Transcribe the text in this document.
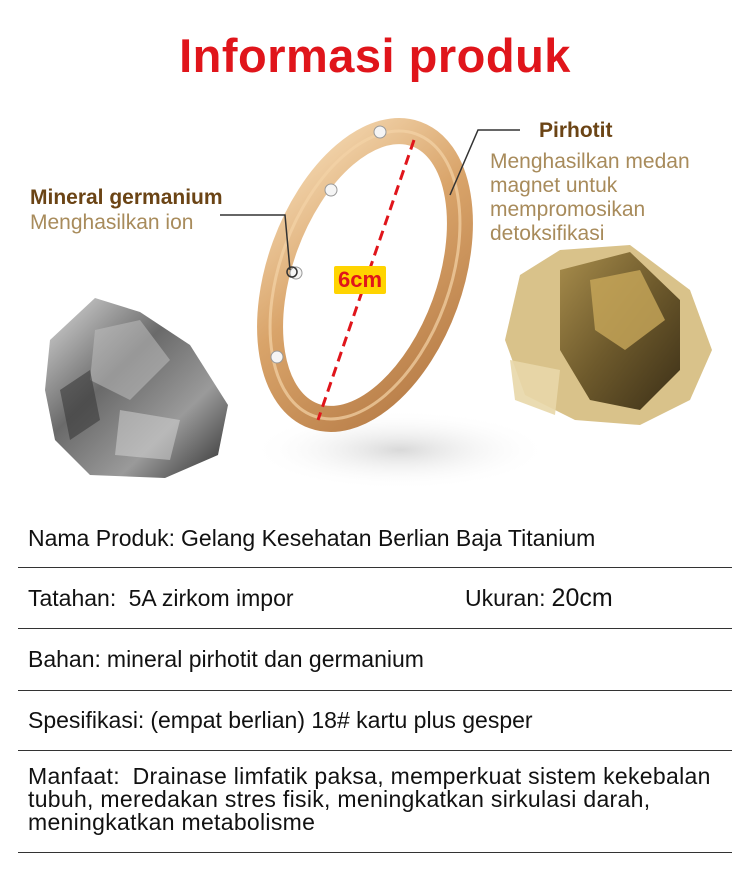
Informasi produk
Mineral germanium
Menghasilkan ion
Pirhotit
Menghasilkan medan magnet untuk mempromosikan detoksifikasi
6cm
Nama Produk: Gelang Kesehatan Berlian Baja Titanium
Tatahan: 5A zirkom impor	Ukuran: 20cm
Bahan: mineral pirhotit dan germanium
Spesifikasi: (empat berlian) 18# kartu plus gesper
Manfaat: Drainase limfatik paksa, memperkuat sistem kekebalan tubuh, meredakan stres fisik, meningkatkan sirkulasi darah, meningkatkan metabolisme
